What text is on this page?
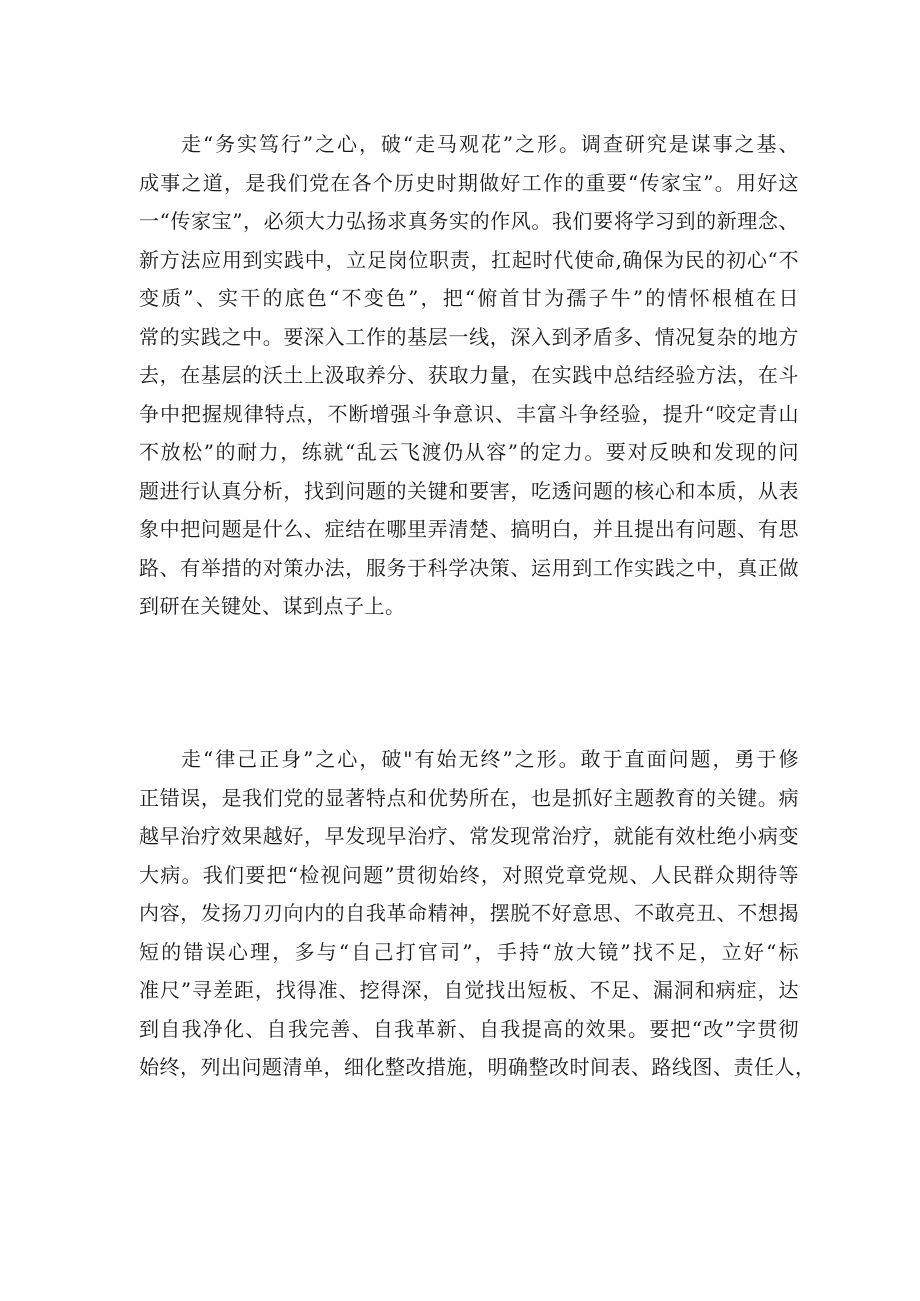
走“务实笃行”之心，破“走马观花”之形。调查研究是谋事之基、
成事之道，是我们党在各个历史时期做好工作的重要“传家宝”。用好这
一“传家宝”，必须大力弘扬求真务实的作风。我们要将学习到的新理念、
新方法应用到实践中，立足岗位职责，扛起时代使命,确保为民的初心“不
变质”、实干的底色“不变色”，把“俯首甘为孺子牛”的情怀根植在日
常的实践之中。要深入工作的基层一线，深入到矛盾多、情况复杂的地方
去，在基层的沃土上汲取养分、获取力量，在实践中总结经验方法，在斗
争中把握规律特点，不断增强斗争意识、丰富斗争经验，提升“咬定青山
不放松”的耐力，练就“乱云飞渡仍从容”的定力。要对反映和发现的问
题进行认真分析，找到问题的关键和要害，吃透问题的核心和本质，从表
象中把问题是什么、症结在哪里弄清楚、搞明白，并且提出有问题、有思
路、有举措的对策办法，服务于科学决策、运用到工作实践之中，真正做
到研在关键处、谋到点子上。
走“律己正身”之心，破"有始无终”之形。敢于直面问题，勇于修
正错误，是我们党的显著特点和优势所在，也是抓好主题教育的关键。病
越早治疗效果越好，早发现早治疗、常发现常治疗，就能有效杜绝小病变
大病。我们要把“检视问题”贯彻始终，对照党章党规、人民群众期待等
内容，发扬刀刃向内的自我革命精神，摆脱不好意思、不敢亮丑、不想揭
短的错误心理，多与“自己打官司”，手持“放大镜”找不足，立好“标
准尺”寻差距，找得准、挖得深，自觉找出短板、不足、漏洞和病症，达
到自我净化、自我完善、自我革新、自我提高的效果。要把“改”字贯彻
始终，列出问题清单，细化整改措施，明确整改时间表、路线图、责任人，
